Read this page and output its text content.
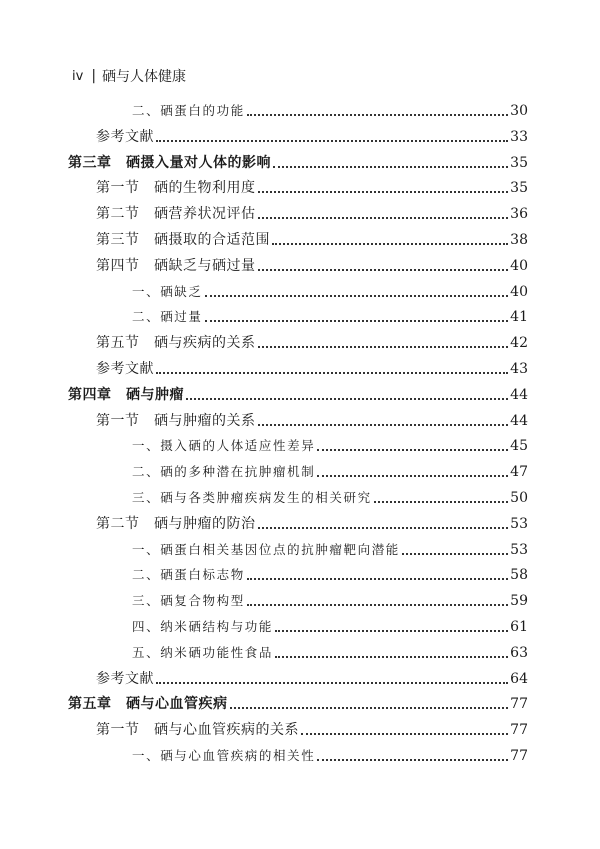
iv | 硒与人体健康
二、硒蛋白的功能	30
参考文献	33
第三章　硒摄入量对人体的影响	35
第一节　硒的生物利用度	35
第二节　硒营养状况评估	36
第三节　硒摄取的合适范围	38
第四节　硒缺乏与硒过量	40
一、硒缺乏	40
二、硒过量	41
第五节　硒与疾病的关系	42
参考文献	43
第四章　硒与肿瘤	44
第一节　硒与肿瘤的关系	44
一、摄入硒的人体适应性差异	45
二、硒的多种潜在抗肿瘤机制	47
三、硒与各类肿瘤疾病发生的相关研究	50
第二节　硒与肿瘤的防治	53
一、硒蛋白相关基因位点的抗肿瘤靶向潜能	53
二、硒蛋白标志物	58
三、硒复合物构型	59
四、纳米硒结构与功能	61
五、纳米硒功能性食品	63
参考文献	64
第五章　硒与心血管疾病	77
第一节　硒与心血管疾病的关系	77
一、硒与心血管疾病的相关性	77
